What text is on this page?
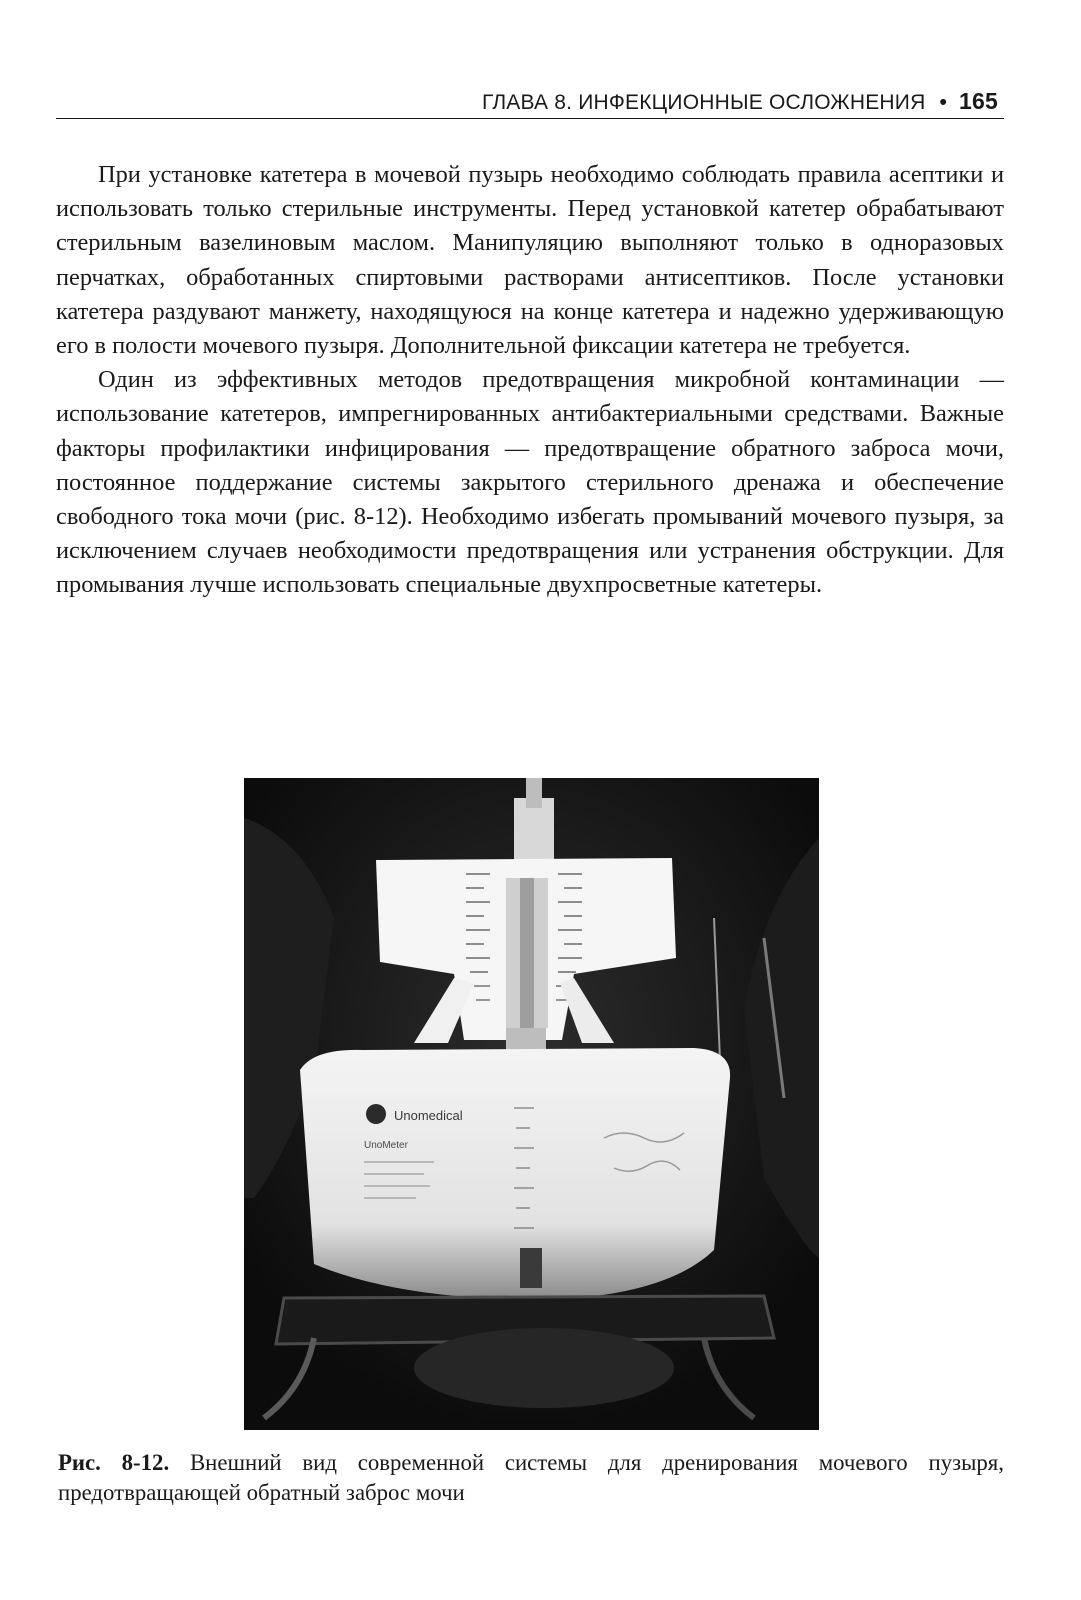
ГЛАВА 8. ИНФЕКЦИОННЫЕ ОСЛОЖНЕНИЯ • 165

При установке катетера в мочевой пузырь необходимо соблюдать правила асептики и использовать только стерильные инструменты. Перед установкой катетер обрабатывают стерильным вазелиновым маслом. Манипуляцию выполняют только в одноразовых перчатках, обработанных спиртовыми растворами антисептиков. После установки катетера раздувают манжету, находящуюся на конце катетера и надежно удерживающую его в полости мочевого пузыря. Дополнительной фиксации катетера не требуется.

Один из эффективных методов предотвращения микробной контаминации — использование катетеров, импрегнированных антибактериальными средствами. Важные факторы профилактики инфицирования — предотвращение обратного заброса мочи, постоянное поддержание системы закрытого стерильного дренажа и обеспечение свободного тока мочи (рис. 8-12). Необходимо избегать промываний мочевого пузыря, за исключением случаев необходимости предотвращения или устранения обструкции. Для промывания лучше использовать специальные двухпросветные катетеры.

Unomedical
UnoMeter

Рис. 8-12. Внешний вид современной системы для дренирования мочевого пузыря, предотвращающей обратный заброс мочи
